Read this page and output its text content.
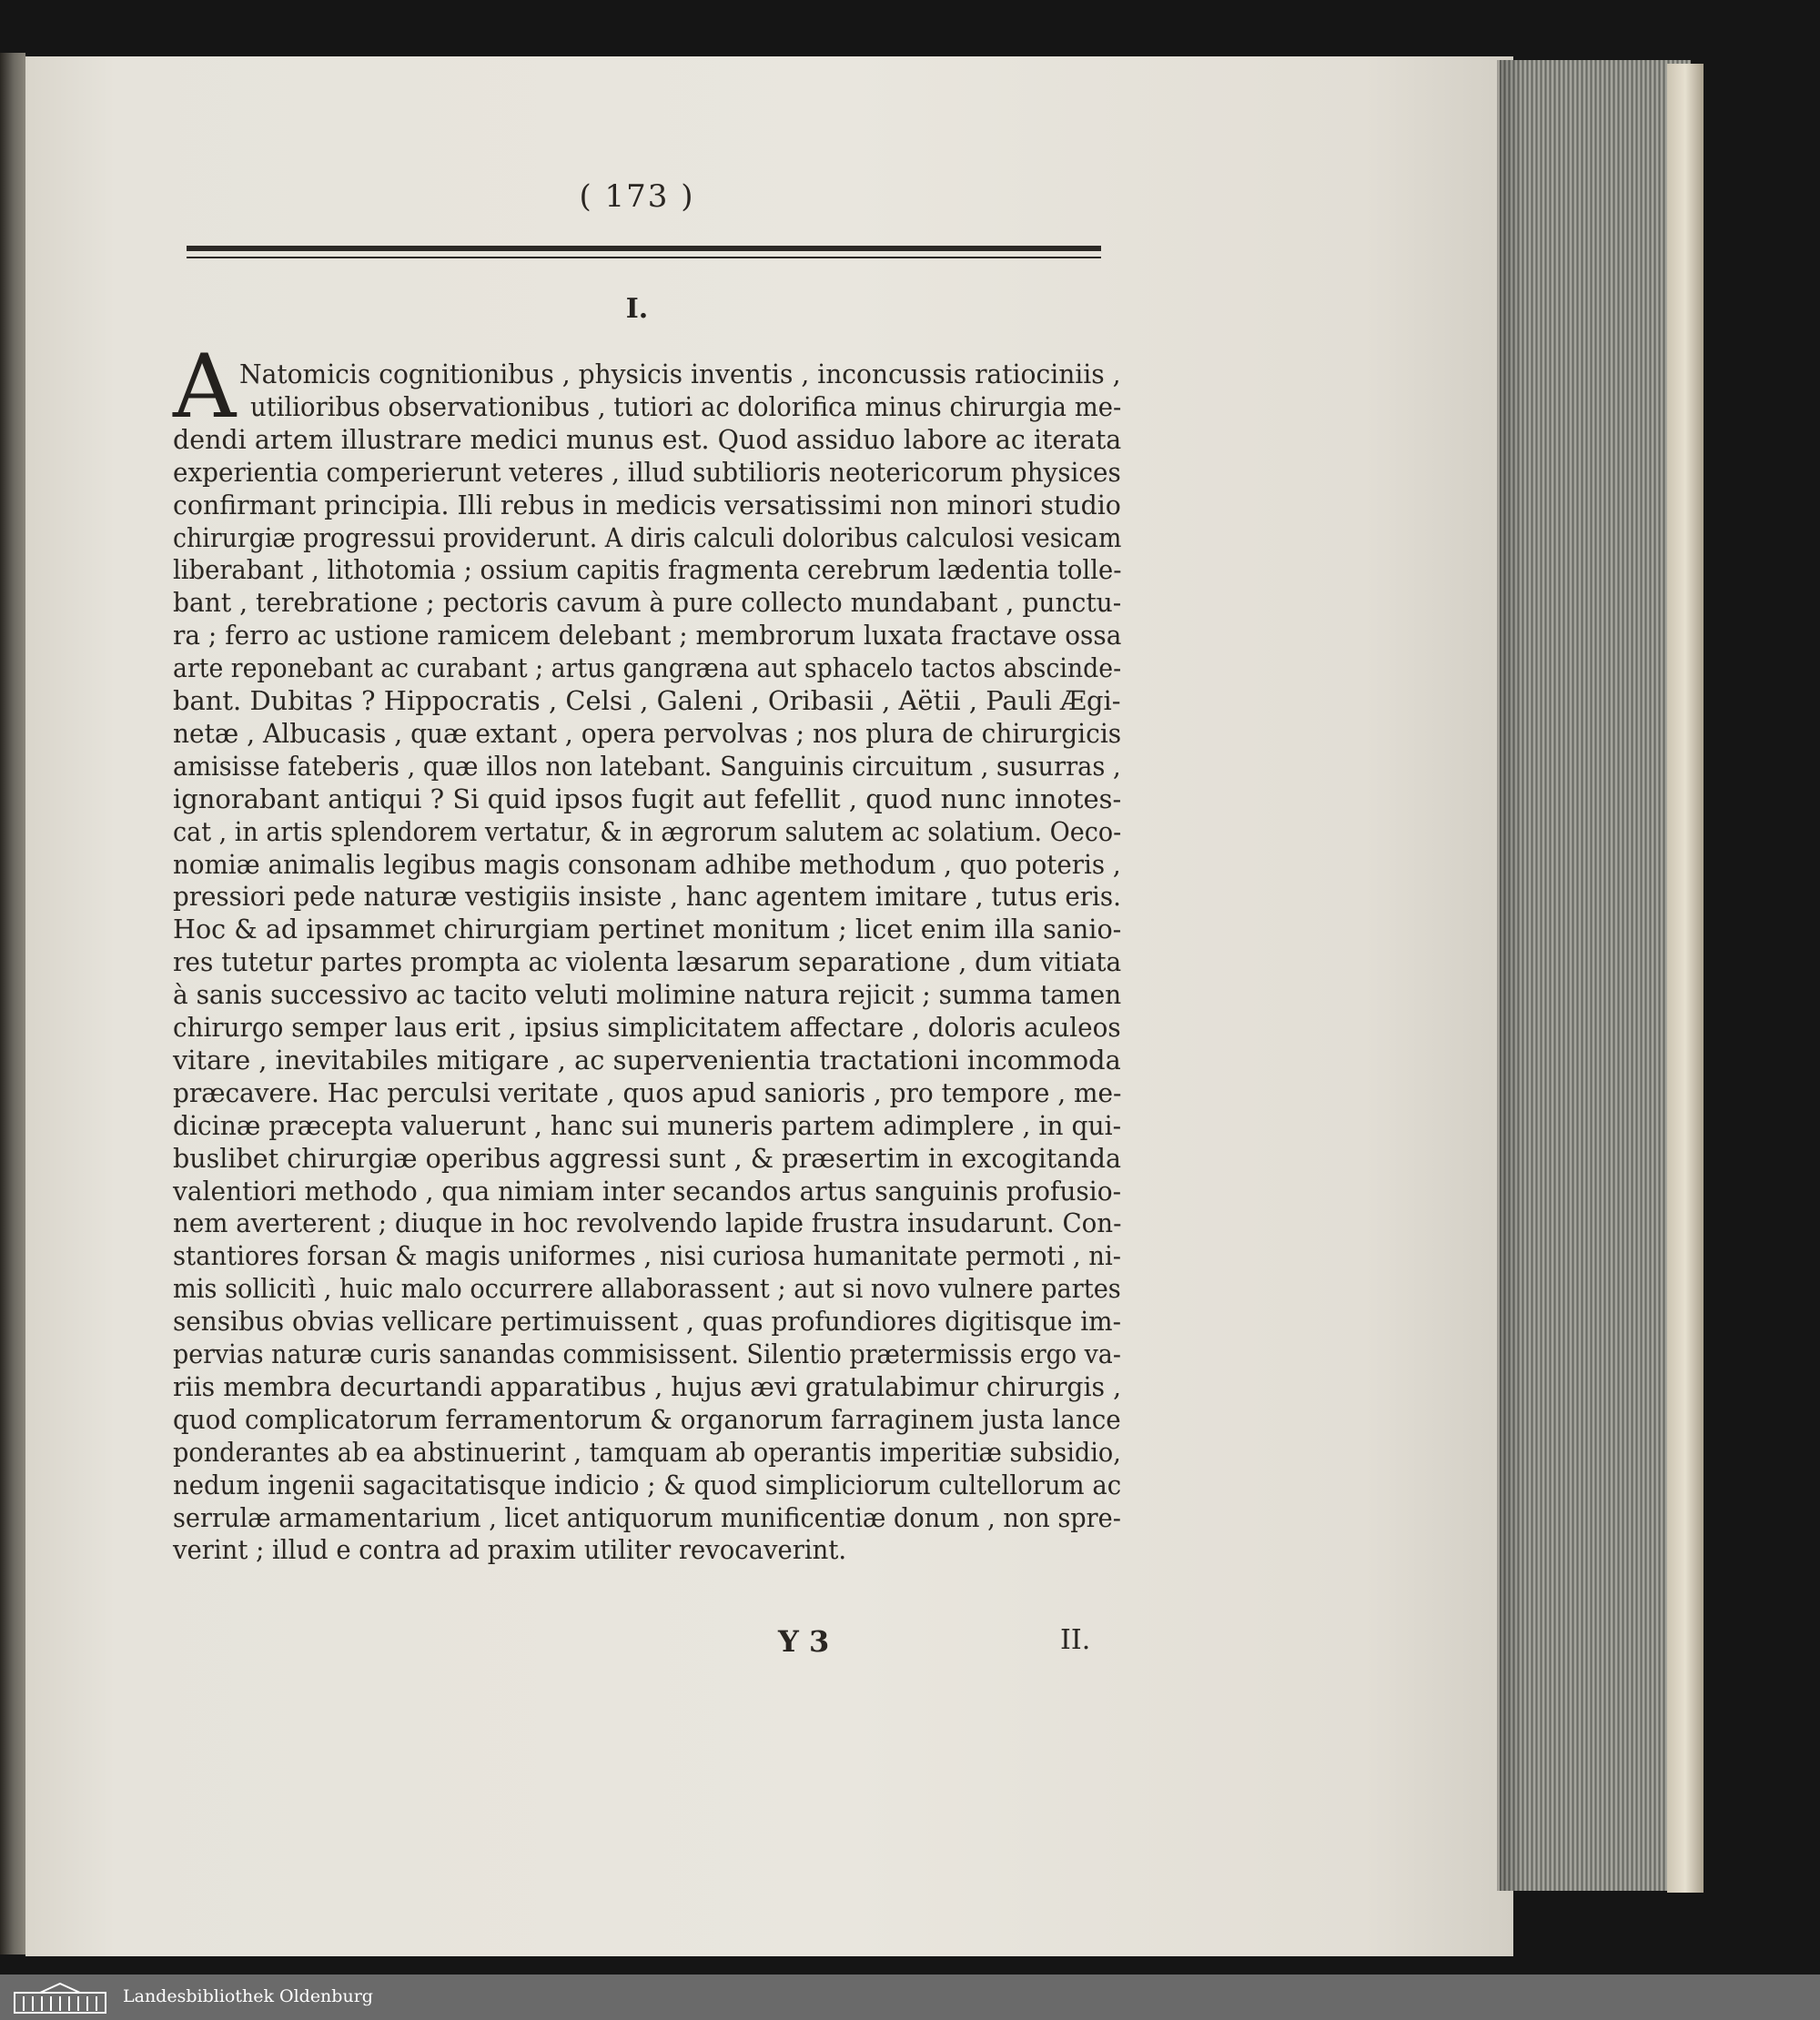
( 173 )
I.
A Natomicis cognitionibus , physicis inventis , inconcussis ratiociniis ,
utilioribus observationibus , tutiori ac dolorifica minus chirurgia me-
dendi artem illustrare medici munus est. Quod assiduo labore ac iterata
experientia comperierunt veteres , illud subtilioris neotericorum physices
confirmant principia. Illi rebus in medicis versatissimi non minori studio
chirurgiæ progressui providerunt. A diris calculi doloribus calculosi vesicam
liberabant , lithotomia ; ossium capitis fragmenta cerebrum lædentia tolle-
bant , terebratione ; pectoris cavum à pure collecto mundabant , punctu-
ra ; ferro ac ustione ramicem delebant ; membrorum luxata fractave ossa
arte reponebant ac curabant ; artus gangræna aut sphacelo tactos abscinde-
bant. Dubitas ? Hippocratis , Celsi , Galeni , Oribasii , Aëtii , Pauli Ægi-
netæ , Albucasis , quæ extant , opera pervolvas ; nos plura de chirurgicis
amisisse fateberis , quæ illos non latebant. Sanguinis circuitum , susurras ,
ignorabant antiqui ? Si quid ipsos fugit aut fefellit , quod nunc innotes-
cat , in artis splendorem vertatur, & in ægrorum salutem ac solatium. Oeco-
nomiæ animalis legibus magis consonam adhibe methodum , quo poteris ,
pressiori pede naturæ vestigiis insiste , hanc agentem imitare , tutus eris.
Hoc & ad ipsammet chirurgiam pertinet monitum ; licet enim illa sanio-
res tutetur partes prompta ac violenta læsarum separatione , dum vitiata
à sanis successivo ac tacito veluti molimine natura rejicit ; summa tamen
chirurgo semper laus erit , ipsius simplicitatem affectare , doloris aculeos
vitare , inevitabiles mitigare , ac supervenientia tractationi incommoda
præcavere. Hac perculsi veritate , quos apud sanioris , pro tempore , me-
dicinæ præcepta valuerunt , hanc sui muneris partem adimplere , in qui-
buslibet chirurgiæ operibus aggressi sunt , & præsertim in excogitanda
valentiori methodo , qua nimiam inter secandos artus sanguinis profusio-
nem averterent ; diuque in hoc revolvendo lapide frustra insudarunt. Con-
stantiores forsan & magis uniformes , nisi curiosa humanitate permoti , ni-
mis sollicitì , huic malo occurrere allaborassent ; aut si novo vulnere partes
sensibus obvias vellicare pertimuissent , quas profundiores digitisque im-
pervias naturæ curis sanandas commisissent. Silentio prætermissis ergo va-
riis membra decurtandi apparatibus , hujus ævi gratulabimur chirurgis ,
quod complicatorum ferramentorum & organorum farraginem justa lance
ponderantes ab ea abstinuerint , tamquam ab operantis imperitiæ subsidio,
nedum ingenii sagacitatisque indicio ; & quod simpliciorum cultellorum ac
serrulæ armamentarium , licet antiquorum munificentiæ donum , non spre-
verint ; illud e contra ad praxim utiliter revocaverint.
Y 3	II.
Landesbibliothek Oldenburg
